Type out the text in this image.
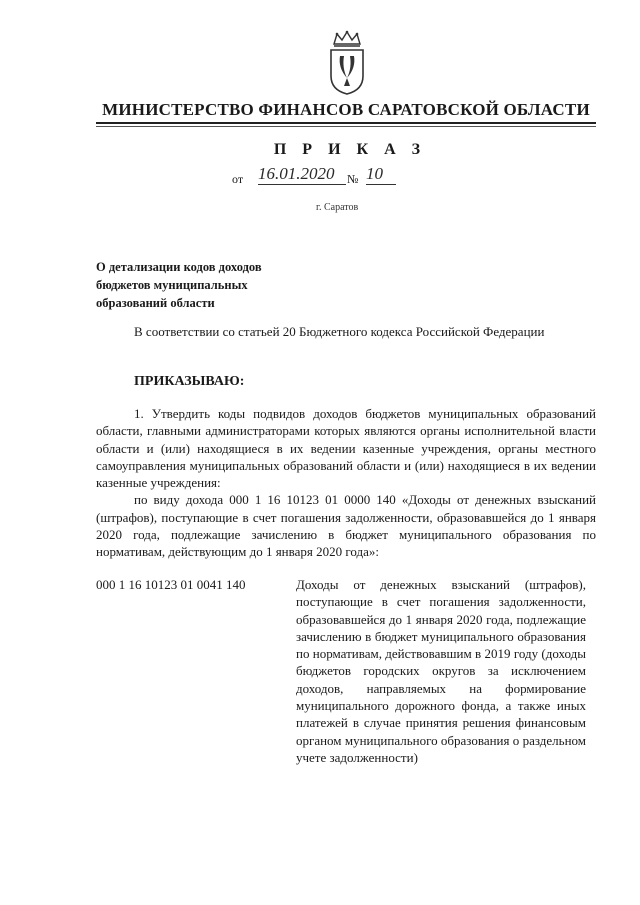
МИНИСТЕРСТВО ФИНАНСОВ САРАТОВСКОЙ ОБЛАСТИ
П Р И К А З
от 16.01.2020	№ 10
г. Саратов
О детализации кодов доходов
бюджетов муниципальных
образований области
В соответствии со статьей 20 Бюджетного кодекса Российской Федерации
ПРИКАЗЫВАЮ:

1. Утвердить коды подвидов доходов бюджетов муниципальных образований области, главными администраторами которых являются органы исполнительной власти области и (или) находящиеся в их ведении казенные учреждения, органы местного самоуправления муниципальных образований области и (или) находящиеся в их ведении казенные учреждения:

по виду дохода 000 1 16 10123 01 0000 140 «Доходы от денежных взысканий (штрафов), поступающие в счет погашения задолженности, образовавшейся до 1 января 2020 года, подлежащие зачислению в бюджет муниципального образования по нормативам, действующим до 1 января 2020 года»:

000 1 16 10123 01 0041 140	Доходы от денежных взысканий (штрафов), поступающие в счет погашения задолженности, образовавшейся до 1 января 2020 года, подлежащие зачислению в бюджет муниципального образования по нормативам, действовавшим в 2019 году (доходы бюджетов городских округов за исключением доходов, направляемых на формирование муниципального дорожного фонда, а также иных платежей в случае принятия решения финансовым органом муниципального образования о раздельном учете задолженности)
